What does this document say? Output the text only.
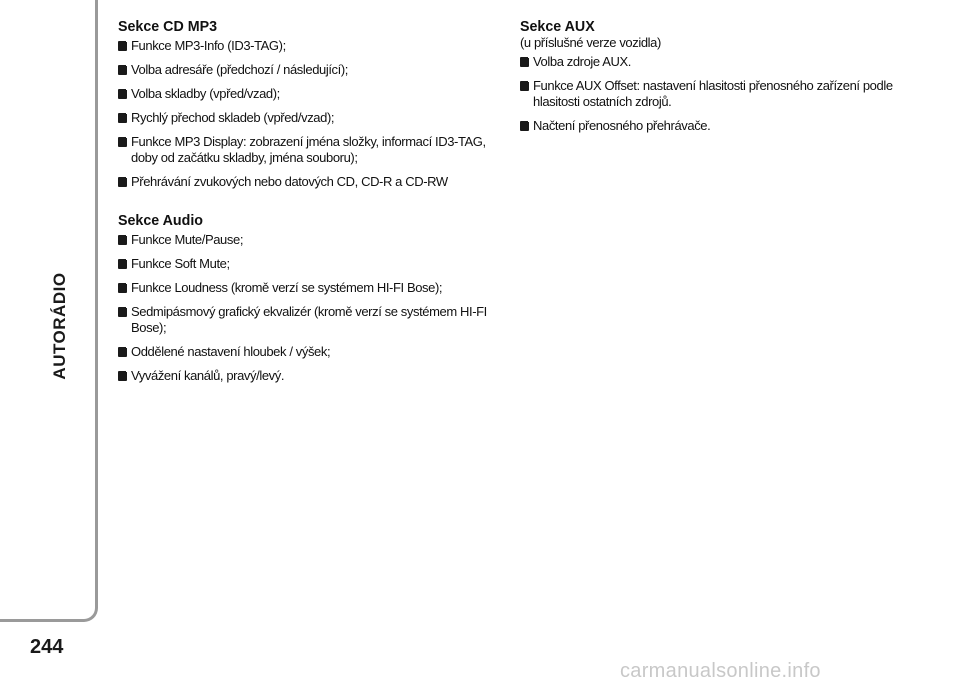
AUTORÁDIO
244
Sekce CD MP3
Funkce MP3-Info (ID3-TAG);
Volba adresáře (předchozí / následující);
Volba skladby (vpřed/vzad);
Rychlý přechod skladeb (vpřed/vzad);
Funkce MP3 Display: zobrazení jména složky, informací ID3-TAG, doby od začátku skladby, jména souboru);
Přehrávání zvukových nebo datových CD, CD-R a CD-RW
Sekce Audio
Funkce Mute/Pause;
Funkce Soft Mute;
Funkce Loudness (kromě verzí se systémem HI-FI Bose);
Sedmipásmový grafický ekvalizér (kromě verzí se systémem HI-FI Bose);
Oddělené nastavení hloubek / výšek;
Vyvážení kanálů, pravý/levý.
Sekce AUX
(u příslušné verze vozidla)
Volba zdroje AUX.
Funkce AUX Offset: nastavení hlasitosti přenosného zařízení podle hlasitosti ostatních zdrojů.
Načtení přenosného přehrávače.
carmanualsonline.info
